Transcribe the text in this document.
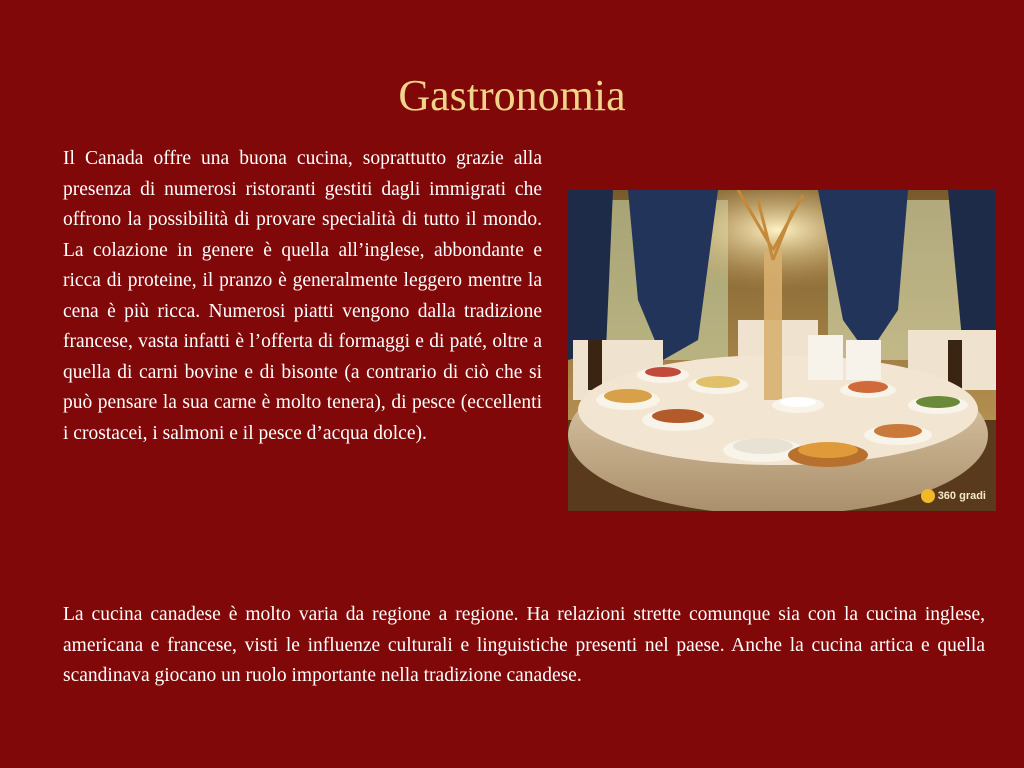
Gastronomia

Il Canada offre una buona cucina, soprattutto grazie alla presenza di numerosi ristoranti gestiti dagli immigrati che offrono la possibilità di provare specialità di tutto il mondo. La colazione in genere è quella all’inglese, abbondante e ricca di proteine, il pranzo è generalmente leggero mentre la cena è più ricca. Numerosi piatti vengono dalla tradizione francese, vasta infatti è l’offerta di formaggi e di paté, oltre a quella di carni bovine e di bisonte (a contrario di ciò che si può pensare la sua carne è molto tenera), di pesce (eccellenti i crostacei, i salmoni e il pesce d’acqua dolce).

360 gradi

La cucina canadese è molto varia da regione a regione. Ha relazioni strette comunque sia con la cucina inglese, americana e francese, visti le influenze culturali e linguistiche presenti nel paese. Anche la cucina artica e quella scandinava giocano un ruolo importante nella tradizione canadese.
